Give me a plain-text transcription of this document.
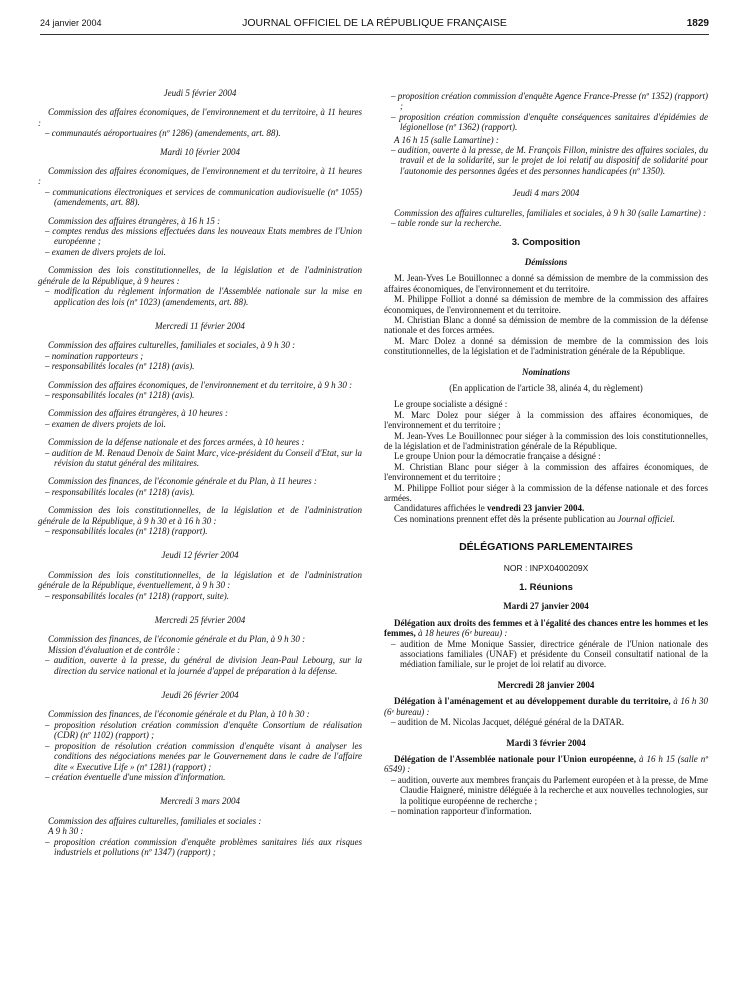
24 janvier 2004	JOURNAL OFFICIEL DE LA RÉPUBLIQUE FRANÇAISE	1829

Jeudi 5 février 2004

Commission des affaires économiques, de l'environnement et du territoire, à 11 heures :

– communautés aéroportuaires (nº 1286) (amendements, art. 88).

Mardi 10 février 2004

Commission des affaires économiques, de l'environnement et du territoire, à 11 heures :

– communications électroniques et services de communication audiovisuelle (nº 1055) (amendements, art. 88).

Commission des affaires étrangères, à 16 h 15 :

– comptes rendus des missions effectuées dans les nouveaux Etats membres de l'Union européenne ;
– examen de divers projets de loi.

Commission des lois constitutionnelles, de la législation et de l'administration générale de la République, à 9 heures :

– modification du règlement information de l'Assemblée nationale sur la mise en application des lois (nº 1023) (amendements, art. 88).

Mercredi 11 février 2004

Commission des affaires culturelles, familiales et sociales, à 9 h 30 :

– nomination rapporteurs ;
– responsabilités locales (nº 1218) (avis).

Commission des affaires économiques, de l'environnement et du territoire, à 9 h 30 :

– responsabilités locales (nº 1218) (avis).

Commission des affaires étrangères, à 10 heures :

– examen de divers projets de loi.

Commission de la défense nationale et des forces armées, à 10 heures :

– audition de M. Renaud Denoix de Saint Marc, vice-président du Conseil d'Etat, sur la révision du statut général des militaires.

Commission des finances, de l'économie générale et du Plan, à 11 heures :

– responsabilités locales (nº 1218) (avis).

Commission des lois constitutionnelles, de la législation et de l'administration générale de la République, à 9 h 30 et à 16 h 30 :

– responsabilités locales (nº 1218) (rapport).

Jeudi 12 février 2004

Commission des lois constitutionnelles, de la législation et de l'administration générale de la République, éventuellement, à 9 h 30 :

– responsabilités locales (nº 1218) (rapport, suite).

Mercredi 25 février 2004

Commission des finances, de l'économie générale et du Plan, à 9 h 30 :

Mission d'évaluation et de contrôle :

– audition, ouverte à la presse, du général de division Jean-Paul Lebourg, sur la direction du service national et la journée d'appel de préparation à la défense.

Jeudi 26 février 2004

Commission des finances, de l'économie générale et du Plan, à 10 h 30 :

– proposition résolution création commission d'enquête Consortium de réalisation (CDR) (nº 1102) (rapport) ;
– proposition de résolution création commission d'enquête visant à analyser les conditions des négociations menées par le Gouvernement dans le cadre de l'affaire dite « Executive Life » (nº 1281) (rapport) ;
– création éventuelle d'une mission d'information.

Mercredi 3 mars 2004

Commission des affaires culturelles, familiales et sociales :

A 9 h 30 :

– proposition création commission d'enquête problèmes sanitaires liés aux risques industriels et pollutions (nº 1347) (rapport) ;
– proposition création commission d'enquête Agence France-Presse (nº 1352) (rapport) ;
– proposition création commission d'enquête conséquences sanitaires d'épidémies de légionellose (nº 1362) (rapport).

A 16 h 15 (salle Lamartine) :

– audition, ouverte à la presse, de M. François Fillon, ministre des affaires sociales, du travail et de la solidarité, sur le projet de loi relatif au dispositif de solidarité pour l'autonomie des personnes âgées et des personnes handicapées (nº 1350).

Jeudi 4 mars 2004

Commission des affaires culturelles, familiales et sociales, à 9 h 30 (salle Lamartine) :

– table ronde sur la recherche.

3. Composition

Démissions

M. Jean-Yves Le Bouillonnec a donné sa démission de membre de la commission des affaires économiques, de l'environnement et du territoire.

M. Philippe Folliot a donné sa démission de membre de la commission des affaires économiques, de l'environnement et du territoire.

M. Christian Blanc a donné sa démission de membre de la commission de la défense nationale et des forces armées.

M. Marc Dolez a donné sa démission de membre de la commission des lois constitutionnelles, de la législation et de l'administration générale de la République.

Nominations

(En application de l'article 38, alinéa 4, du règlement)

Le groupe socialiste a désigné :

M. Marc Dolez pour siéger à la commission des affaires économiques, de l'environnement et du territoire ;

M. Jean-Yves Le Bouillonnec pour siéger à la commission des lois constitutionnelles, de la législation et de l'administration générale de la République.

Le groupe Union pour la démocratie française a désigné :

M. Christian Blanc pour siéger à la commission des affaires économiques, de l'environnement et du territoire ;

M. Philippe Folliot pour siéger à la commission de la défense nationale et des forces armées.

Candidatures affichées le vendredi 23 janvier 2004.

Ces nominations prennent effet dès la présente publication au Journal officiel.

DÉLÉGATIONS PARLEMENTAIRES

NOR : INPX0400209X

1. Réunions

Mardi 27 janvier 2004

Délégation aux droits des femmes et à l'égalité des chances entre les hommes et les femmes, à 18 heures (6ᵉ bureau) :

– audition de Mme Monique Sassier, directrice générale de l'Union nationale des associations familiales (UNAF) et présidente du Conseil consultatif national de la médiation familiale, sur le projet de loi relatif au divorce.

Mercredi 28 janvier 2004

Délégation à l'aménagement et au développement durable du territoire, à 16 h 30 (6ᵉ bureau) :

– audition de M. Nicolas Jacquet, délégué général de la DATAR.

Mardi 3 février 2004

Délégation de l'Assemblée nationale pour l'Union européenne, à 16 h 15 (salle nº 6549) :

– audition, ouverte aux membres français du Parlement européen et à la presse, de Mme Claudie Haigneré, ministre déléguée à la recherche et aux nouvelles technologies, sur la politique européenne de recherche ;
– nomination rapporteur d'information.
